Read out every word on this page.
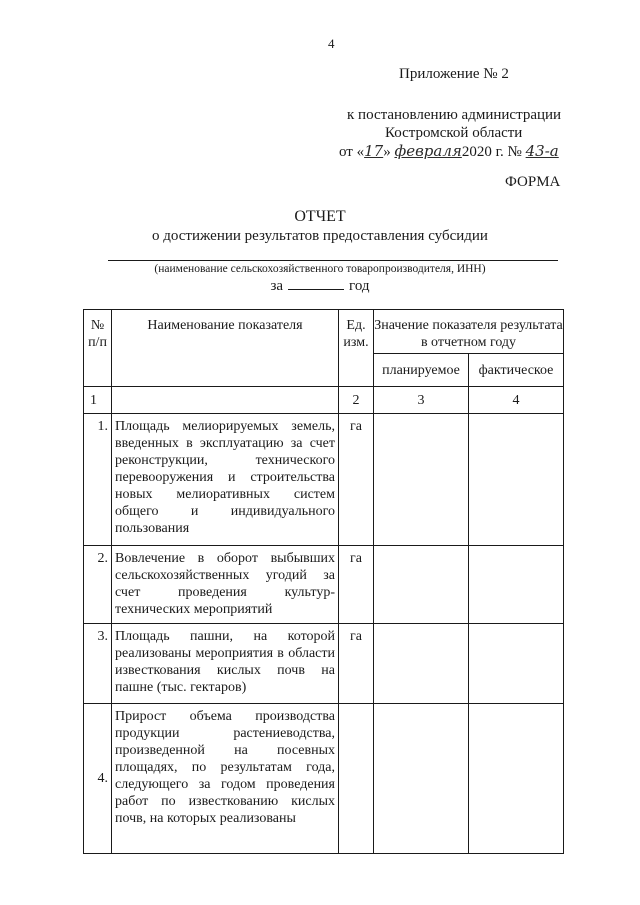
4
Приложение № 2
к постановлению администрации
Костромской области
от «17» февраля2020 г. № 43-а
ФОРМА
ОТЧЕТ
о достижении результатов предоставления субсидии
(наименование сельскохозяйственного товаропроизводителя, ИНН)
за	год
№ п/п	Наименование показателя	Ед. изм.	Значение показателя результата в отчетном году	
			планируемое	фактическое
1		2	3	4
1.	Площадь мелиорируемых земель, введенных в эксплуатацию за счет реконструкции, технического перевооружения и строительства новых мелиоративных систем общего и индивидуального пользования	га		
2.	Вовлечение в оборот выбывших сельскохозяйственных угодий за счет проведения культур-технических мероприятий	га		
3.	Площадь пашни, на которой реализованы мероприятия в области известкования кислых почв на пашне (тыс. гектаров)	га		
4.	Прирост объема производства продукции растениеводства, произведенной на посевных площадях, по результатам года, следующего за годом проведения работ по известкованию кислых почв, на которых реализованы			
